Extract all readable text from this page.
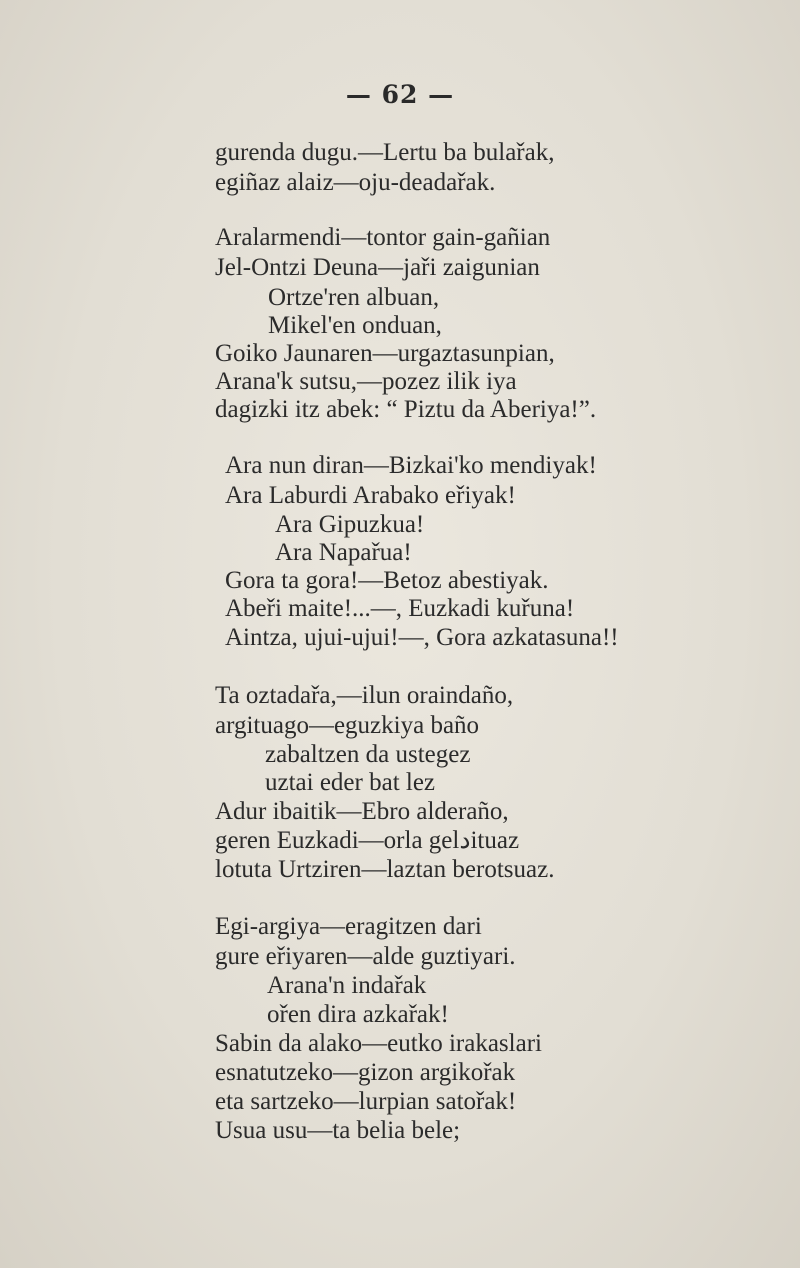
— 62 —
gurenda dugu.—Lertu ba bulařak,
egiñaz alaiz—oju-deadařak.
Aralarmendi—tontor gain-gañian
Jel-Ontzi Deuna—jaři zaigunian
Ortze'ren albuan,
Mikel'en onduan,
Goiko Jaunaren—urgaztasunpian,
Arana'k sutsu,—pozez ilik iya
dagizki itz abek: “ Piztu da Aberiya!”.
Ara nun diran—Bizkai'ko mendiyak!
Ara Laburdi Arabako eřiyak!
Ara Gipuzkua!
Ara Napařua!
Gora ta gora!—Betoz abestiyak.
Abeři maite!...—, Euzkadi kuřuna!
Aintza, ujui-ujui!—, Gora azkatasuna!!
Ta oztadařa,—ilun oraindaño,
argituago—eguzkiya baño
zabaltzen da ustegez
uztai eder bat lez
Adur ibaitik—Ebro alderaño,
geren Euzkadi—orla gelدituaz
lotuta Urtziren—laztan berotsuaz.
Egi-argiya—eragitzen dari
gure eřiyaren—alde guztiyari.
Arana'n indařak
ořen dira azkařak!
Sabin da alako—eutko irakaslari
esnatutzeko—gizon argikořak
eta sartzeko—lurpian satořak!
Usua usu—ta belia bele;
